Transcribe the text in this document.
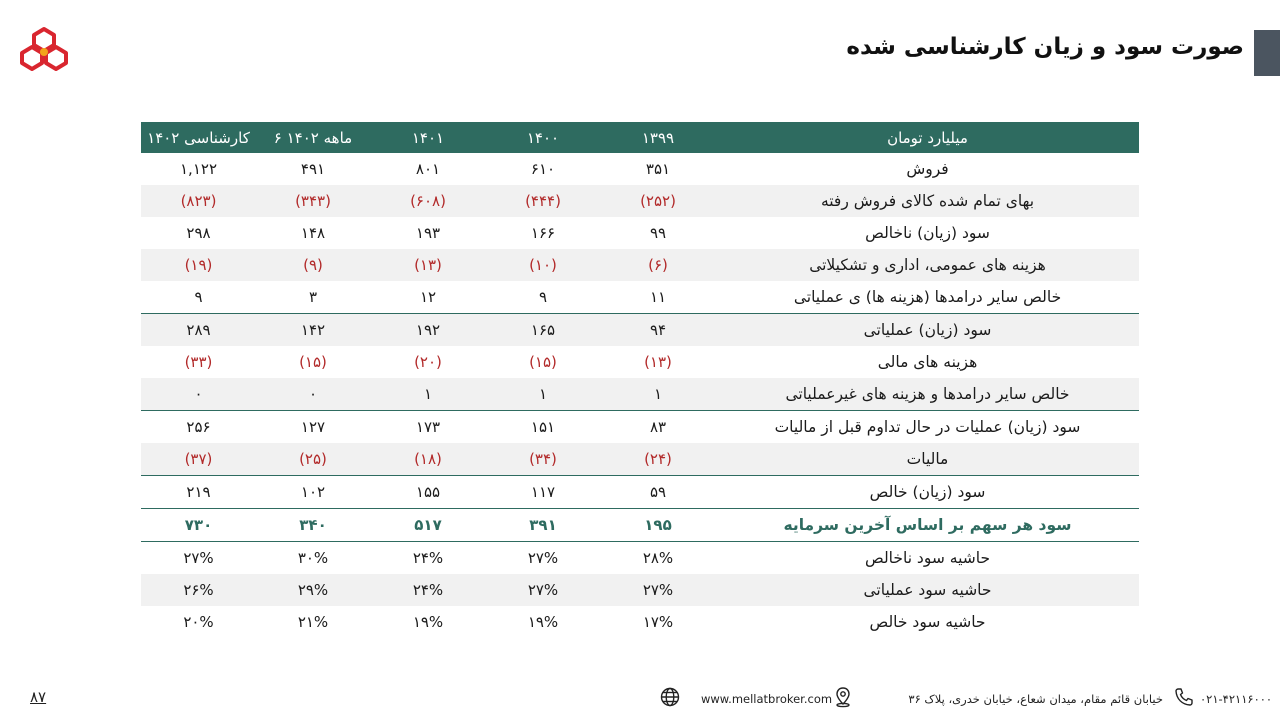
صورت سود و زیان کارشناسی شده
کارشناسی ۱۴۰۲	۶ ماهه ۱۴۰۲	۱۴۰۱	۱۴۰۰	۱۳۹۹	میلیارد تومان
۱,۱۲۲	۴۹۱	۸۰۱	۶۱۰	۳۵۱	فروش
(۸۲۳)	(۳۴۳)	(۶۰۸)	(۴۴۴)	(۲۵۲)	بهای تمام شده کالای فروش رفته
۲۹۸	۱۴۸	۱۹۳	۱۶۶	۹۹	سود (زیان) ناخالص
(۱۹)	(۹)	(۱۳)	(۱۰)	(۶)	هزینه های عمومی، اداری و تشکیلاتی
۹	۳	۱۲	۹	۱۱	خالص سایر درامدها (هزینه ها) ی عملیاتی
۲۸۹	۱۴۲	۱۹۲	۱۶۵	۹۴	سود (زیان) عملیاتی
(۳۳)	(۱۵)	(۲۰)	(۱۵)	(۱۳)	هزینه های مالی
۰	۰	۱	۱	۱	خالص سایر درامدها و هزینه های غیرعملیاتی
۲۵۶	۱۲۷	۱۷۳	۱۵۱	۸۳	سود (زیان) عملیات در حال تداوم قبل از مالیات
(۳۷)	(۲۵)	(۱۸)	(۳۴)	(۲۴)	مالیات
۲۱۹	۱۰۲	۱۵۵	۱۱۷	۵۹	سود (زیان) خالص
۷۳۰	۳۴۰	۵۱۷	۳۹۱	۱۹۵	سود هر سهم بر اساس آخرین سرمایه
۲۷%	۳۰%	۲۴%	۲۷%	۲۸%	حاشیه سود ناخالص
۲۶%	۲۹%	۲۴%	۲۷%	۲۷%	حاشیه سود عملیاتی
۲۰%	۲۱%	۱۹%	۱۹%	۱۷%	حاشیه سود خالص
۸۷	www.mellatbroker.com	خیابان قائم مقام، میدان شعاع، خیابان خدری، پلاک ۳۶	۰۲۱-۴۲۱۱۶۰۰۰
